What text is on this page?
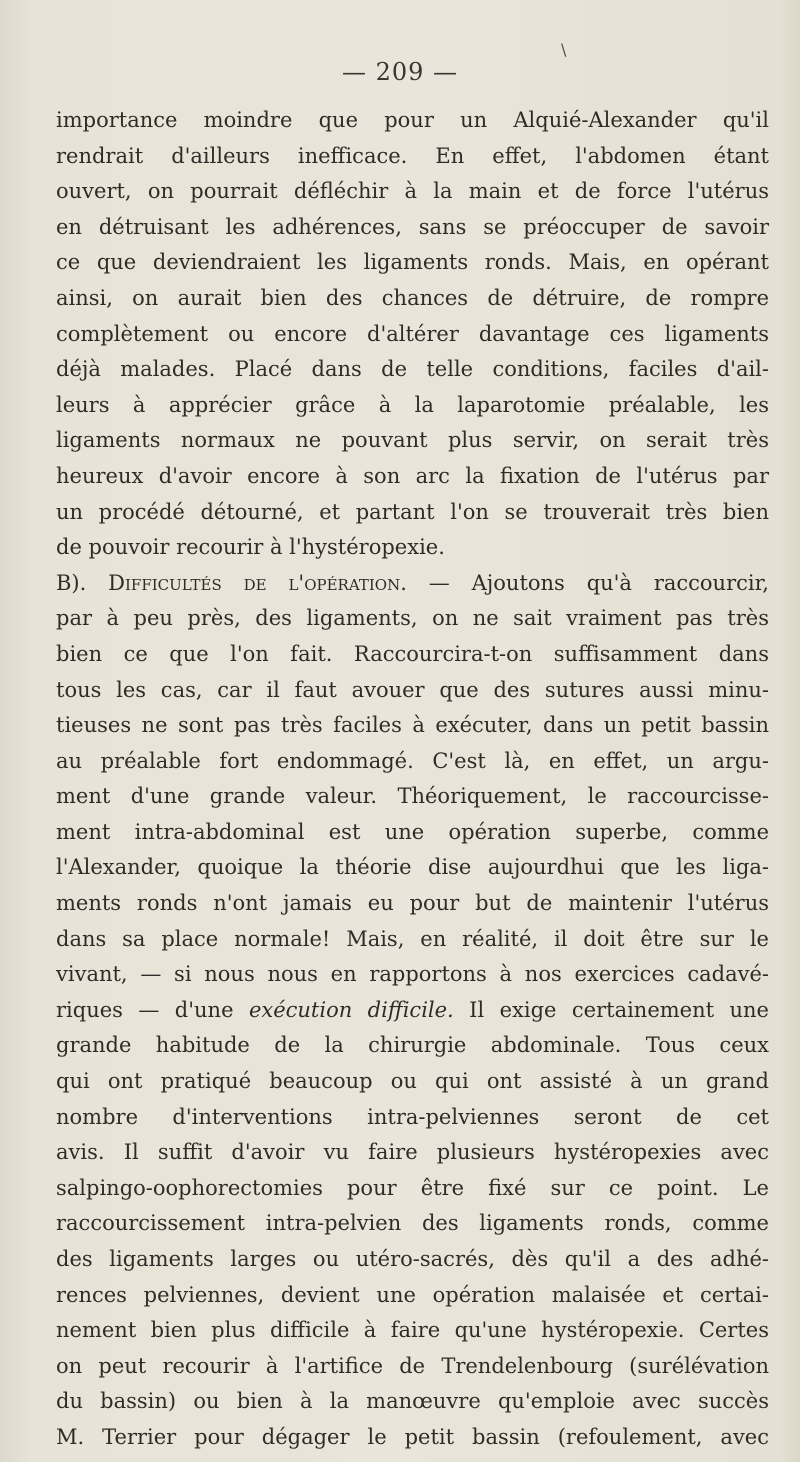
\
— 209 —
importance moindre que pour un Alquié-Alexander qu'il
rendrait d'ailleurs inefficace. En effet, l'abdomen étant
ouvert, on pourrait défléchir à la main et de force l'utérus
en détruisant les adhérences, sans se préoccuper de savoir
ce que deviendraient les ligaments ronds. Mais, en opérant
ainsi, on aurait bien des chances de détruire, de rompre
complètement ou encore d'altérer davantage ces ligaments
déjà malades. Placé dans de telle conditions, faciles d'ail-
leurs à apprécier grâce à la laparotomie préalable, les
ligaments normaux ne pouvant plus servir, on serait très
heureux d'avoir encore à son arc la fixation de l'utérus par
un procédé détourné, et partant l'on se trouverait très bien
de pouvoir recourir à l'hystéropexie.
B). Difficultés de l'opération. — Ajoutons qu'à raccourcir,
par à peu près, des ligaments, on ne sait vraiment pas très
bien ce que l'on fait. Raccourcira-t-on suffisamment dans
tous les cas, car il faut avouer que des sutures aussi minu-
tieuses ne sont pas très faciles à exécuter, dans un petit bassin
au préalable fort endommagé. C'est là, en effet, un argu-
ment d'une grande valeur. Théoriquement, le raccourcisse-
ment intra-abdominal est une opération superbe, comme
l'Alexander, quoique la théorie dise aujourdhui que les liga-
ments ronds n'ont jamais eu pour but de maintenir l'utérus
dans sa place normale! Mais, en réalité, il doit être sur le
vivant, — si nous nous en rapportons à nos exercices cadavé-
riques — d'une exécution difficile. Il exige certainement une
grande habitude de la chirurgie abdominale. Tous ceux
qui ont pratiqué beaucoup ou qui ont assisté à un grand
nombre d'interventions intra-pelviennes seront de cet
avis. Il suffit d'avoir vu faire plusieurs hystéropexies avec
salpingo-oophorectomies pour être fixé sur ce point. Le
raccourcissement intra-pelvien des ligaments ronds, comme
des ligaments larges ou utéro-sacrés, dès qu'il a des adhé-
rences pelviennes, devient une opération malaisée et certai-
nement bien plus difficile à faire qu'une hystéropexie. Certes
on peut recourir à l'artifice de Trendelenbourg (surélévation
du bassin) ou bien à la manœuvre qu'emploie avec succès
M. Terrier pour dégager le petit bassin (refoulement, avec
